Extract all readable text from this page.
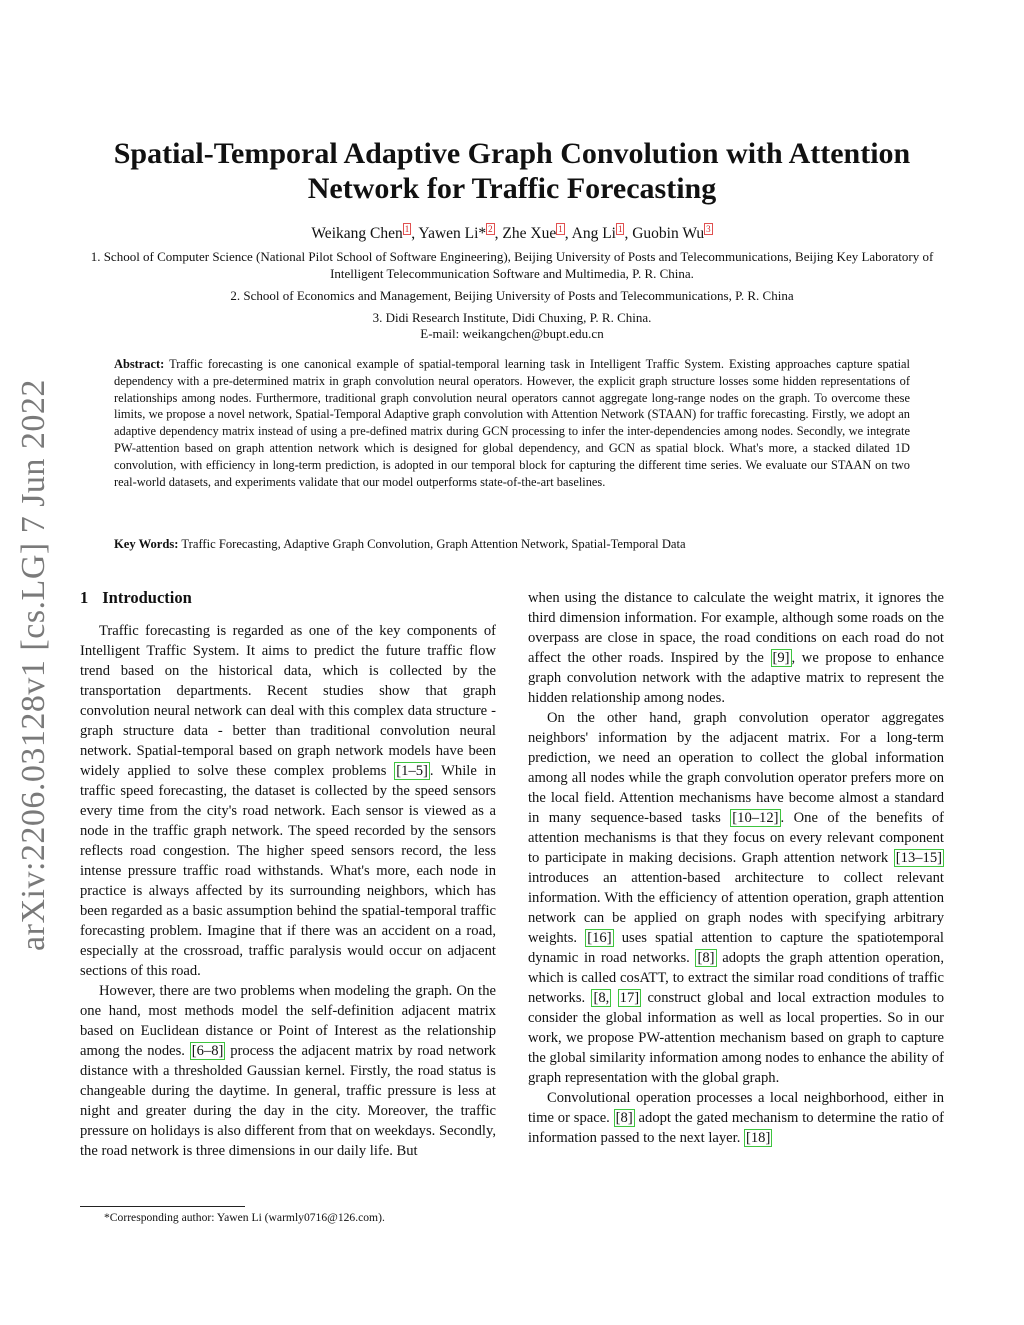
arXiv:2206.03128v1 [cs.LG] 7 Jun 2022
Spatial-Temporal Adaptive Graph Convolution with Attention Network for Traffic Forecasting
Weikang Chen $^1$ , Yawen Li* $^2$ , Zhe Xue $^1$ , Ang Li $^1$ , Guobin Wu $^3$
1. School of Computer Science (National Pilot School of Software Engineering), Beijing University of Posts and Telecommunications, Beijing Key Laboratory of Intelligent Telecommunication Software and Multimedia, P. R. China.
2. School of Economics and Management, Beijing University of Posts and Telecommunications, P. R. China
3. Didi Research Institute, Didi Chuxing, P. R. China.
E-mail: weikangchen@bupt.edu.cn
Abstract: Traffic forecasting is one canonical example of spatial-temporal learning task in Intelligent Traffic System. Existing approaches capture spatial dependency with a pre-determined matrix in graph convolution neural operators. However, the explicit graph structure losses some hidden representations of relationships among nodes. Furthermore, traditional graph convolution neural operators cannot aggregate long-range nodes on the graph. To overcome these limits, we propose a novel network, Spatial-Temporal Adaptive graph convolution with Attention Network (STAAN) for traffic forecasting. Firstly, we adopt an adaptive dependency matrix instead of using a pre-defined matrix during GCN processing to infer the inter-dependencies among nodes. Secondly, we integrate PW-attention based on graph attention network which is designed for global dependency, and GCN as spatial block. What's more, a stacked dilated 1D convolution, with efficiency in long-term prediction, is adopted in our temporal block for capturing the different time series. We evaluate our STAAN on two real-world datasets, and experiments validate that our model outperforms state-of-the-art baselines.
Key Words: Traffic Forecasting, Adaptive Graph Convolution, Graph Attention Network, Spatial-Temporal Data
1 Introduction

Traffic forecasting is regarded as one of the key components of Intelligent Traffic System. It aims to predict the future traffic flow trend based on the historical data, which is collected by the transportation departments. Recent studies show that graph convolution neural network can deal with this complex data structure - graph structure data - better than traditional convolution neural network. Spatial-temporal based on graph network models have been widely applied to solve these complex problems [1–5] . While in traffic speed forecasting, the dataset is collected by the speed sensors every time from the city's road network. Each sensor is viewed as a node in the traffic graph network. The speed recorded by the sensors reflects road congestion. The higher speed sensors record, the less intense pressure traffic road withstands. What's more, each node in practice is always affected by its surrounding neighbors, which has been regarded as a basic assumption behind the spatial-temporal traffic forecasting problem. Imagine that if there was an accident on a road, especially at the crossroad, traffic paralysis would occur on adjacent sections of this road.

However, there are two problems when modeling the graph. On the one hand, most methods model the self-definition adjacent matrix based on Euclidean distance or Point of Interest as the relationship among the nodes. [6–8] process the adjacent matrix by road network distance with a thresholded Gaussian kernel. Firstly, the road status is changeable during the daytime. In general, traffic pressure is less at night and greater during the day in the city. Moreover, the traffic pressure on holidays is also different from that on weekdays. Secondly, the road network is three dimensions in our daily life. But

when using the distance to calculate the weight matrix, it ignores the third dimension information. For example, although some roads on the overpass are close in space, the road conditions on each road do not affect the other roads. Inspired by the [9] , we propose to enhance graph convolution network with the adaptive matrix to represent the hidden relationship among nodes.

On the other hand, graph convolution operator aggregates neighbors' information by the adjacent matrix. For a long-term prediction, we need an operation to collect the global information among all nodes while the graph convolution operator prefers more on the local field. Attention mechanisms have become almost a standard in many sequence-based tasks [10–12] . One of the benefits of attention mechanisms is that they focus on every relevant component to participate in making decisions. Graph attention network [13–15] introduces an attention-based architecture to collect relevant information. With the efficiency of attention operation, graph attention network can be applied on graph nodes with specifying arbitrary weights. [16] uses spatial attention to capture the spatiotemporal dynamic in road networks. [8] adopts the graph attention operation, which is called cosATT, to extract the similar road conditions of traffic networks. [8, 17] construct global and local extraction modules to consider the global information as well as local properties. So in our work, we propose PW-attention mechanism based on graph to capture the global similarity information among nodes to enhance the ability of graph representation with the global graph.

Convolutional operation processes a local neighborhood, either in time or space. [8] adopt the gated mechanism to determine the ratio of information passed to the next layer. [18]

*Corresponding author: Yawen Li (warmly0716@126.com).
